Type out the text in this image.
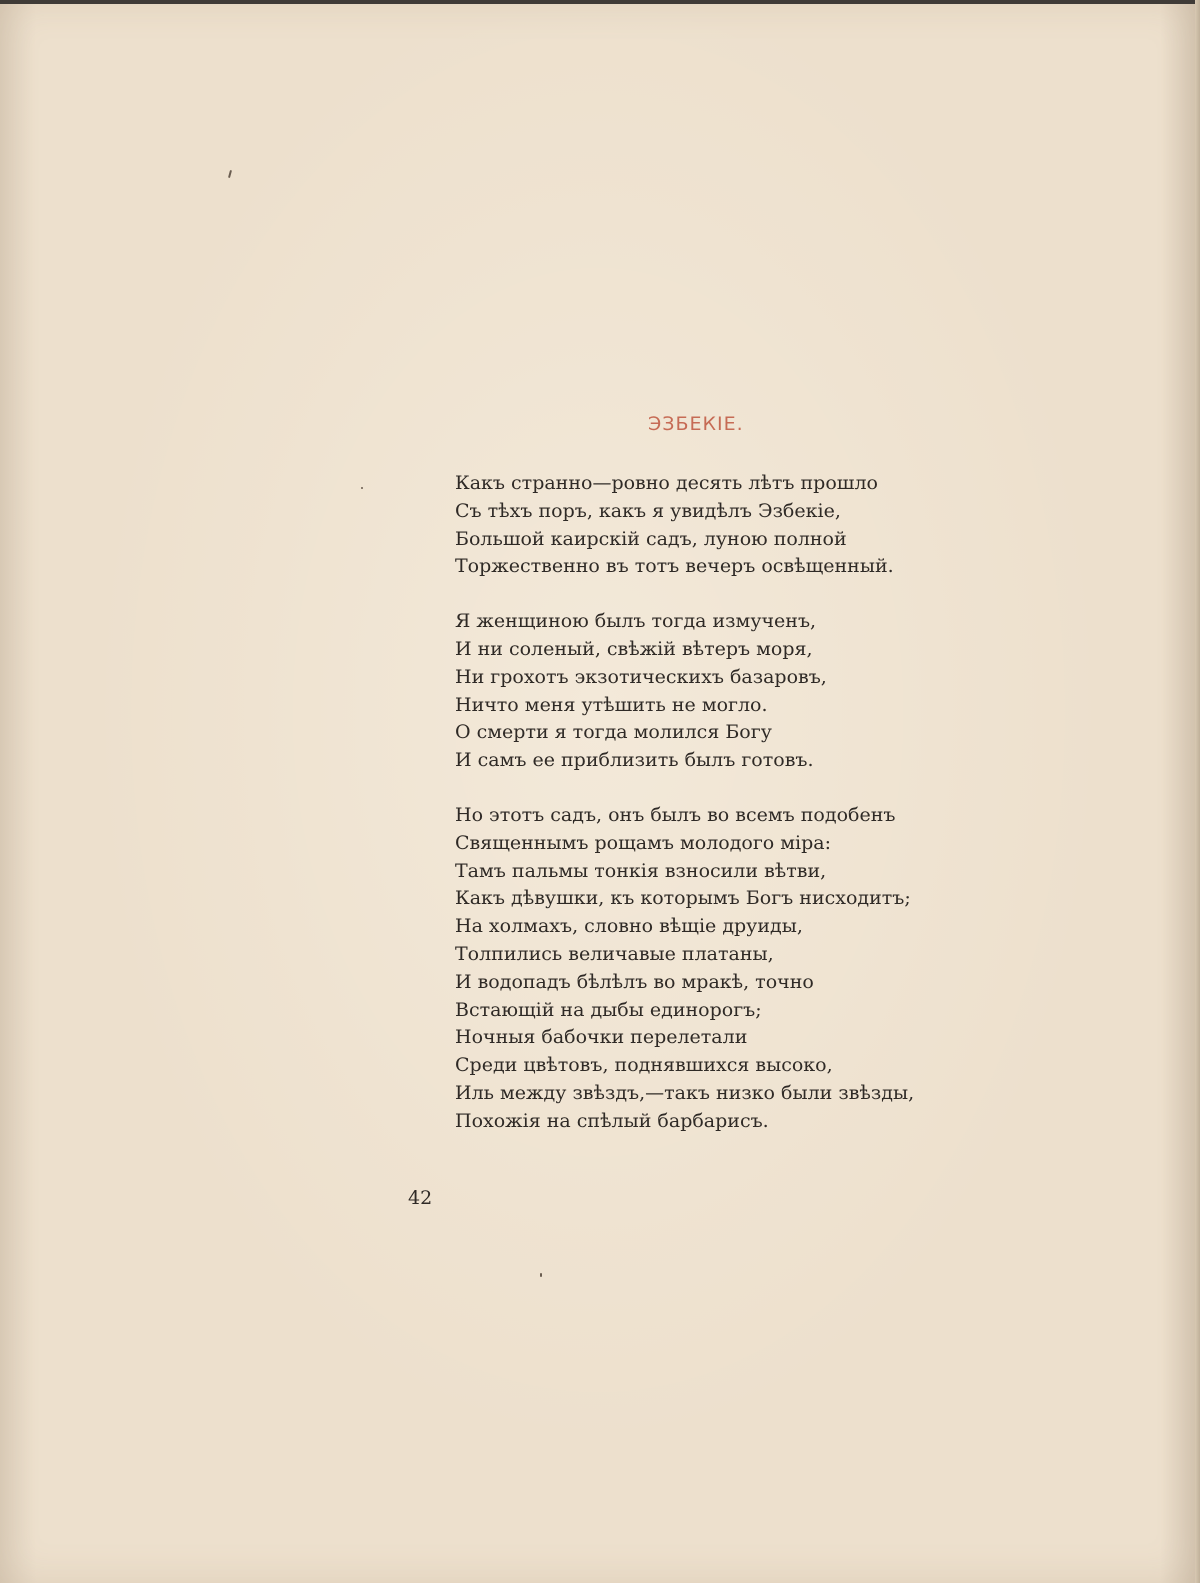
ЭЗБЕКІЕ.

Какъ странно—ровно десять лѣтъ прошло
Съ тѣхъ поръ, какъ я увидѣлъ Эзбекіе,
Большой каирскій садъ, луною полной
Торжественно въ тотъ вечеръ освѣщенный.

Я женщиною былъ тогда измученъ,
И ни соленый, свѣжій вѣтеръ моря,
Ни грохотъ экзотическихъ базаровъ,
Ничто меня утѣшить не могло.
О смерти я тогда молился Богу
И самъ ее приблизить былъ готовъ.

Но этотъ садъ, онъ былъ во всемъ подобенъ
Священнымъ рощамъ молодого міра:
Тамъ пальмы тонкія взносили вѣтви,
Какъ дѣвушки, къ которымъ Богъ нисходитъ;
На холмахъ, словно вѣщіе друиды,
Толпились величавые платаны,
И водопадъ бѣлѣлъ во мракѣ, точно
Встающій на дыбы единорогъ;
Ночныя бабочки перелетали
Среди цвѣтовъ, поднявшихся высоко,
Иль между звѣздъ,—такъ низко были звѣзды,
Похожія на спѣлый барбарисъ.

42
